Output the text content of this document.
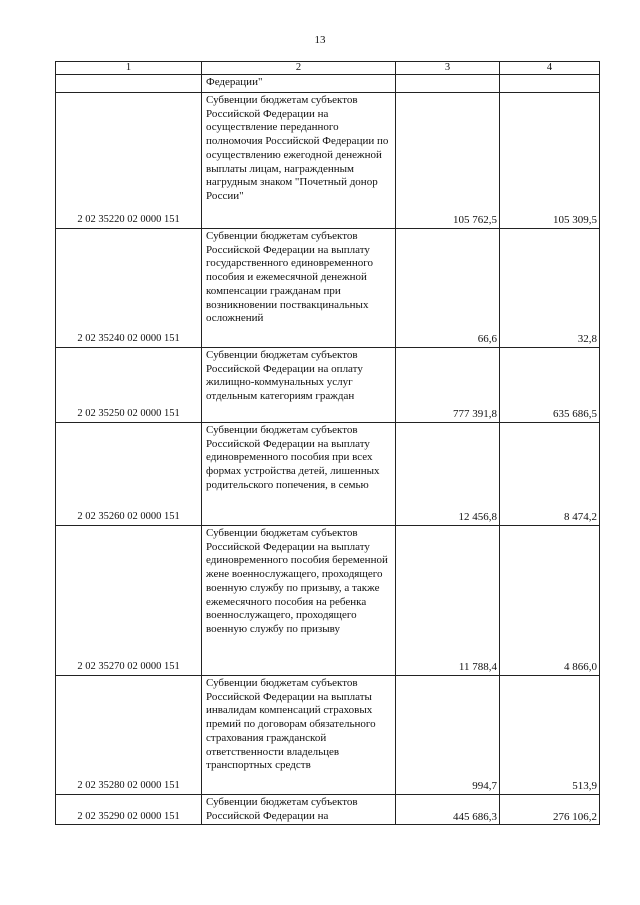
13
1	2	3	4
	Федерации"		
2 02 35220 02 0000 151	Субвенции бюджетам субъектов Российской Федерации на осуществление переданного полномочия Российской Федерации по осуществлению ежегодной денежной выплаты лицам, награжденным нагрудным знаком "Почетный донор России"	105 762,5	105 309,5
2 02 35240 02 0000 151	Субвенции бюджетам субъектов Российской Федерации на выплату государственного единовременного пособия и ежемесячной денежной компенсации гражданам при возникновении поствакцинальных осложнений	66,6	32,8
2 02 35250 02 0000 151	Субвенции бюджетам субъектов Российской Федерации на оплату жилищно-коммунальных услуг отдельным категориям граждан	777 391,8	635 686,5
2 02 35260 02 0000 151	Субвенции бюджетам субъектов Российской Федерации на выплату единовременного пособия при всех формах устройства детей, лишенных родительского попечения, в семью	12 456,8	8 474,2
2 02 35270 02 0000 151	Субвенции бюджетам субъектов Российской Федерации на выплату единовременного пособия беременной жене военнослужащего, проходящего военную службу по призыву, а также ежемесячного пособия на ребенка военнослужащего, проходящего военную службу по призыву	11 788,4	4 866,0
2 02 35280 02 0000 151	Субвенции бюджетам субъектов Российской Федерации на выплаты инвалидам компенсаций страховых премий по договорам обязательного страхования гражданской ответственности владельцев транспортных средств	994,7	513,9
2 02 35290 02 0000 151	Субвенции бюджетам субъектов Российской Федерации на	445 686,3	276 106,2
